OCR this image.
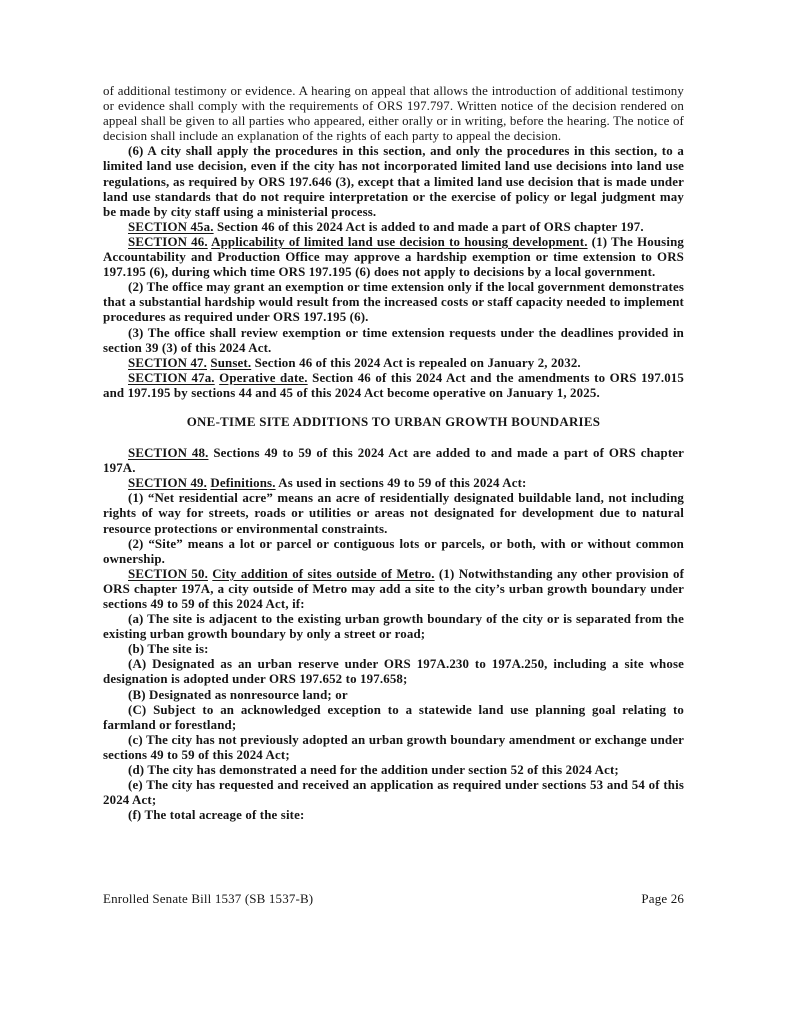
of additional testimony or evidence. A hearing on appeal that allows the introduction of additional testimony or evidence shall comply with the requirements of ORS 197.797. Written notice of the decision rendered on appeal shall be given to all parties who appeared, either orally or in writing, before the hearing. The notice of decision shall include an explanation of the rights of each party to appeal the decision.

(6) A city shall apply the procedures in this section, and only the procedures in this section, to a limited land use decision, even if the city has not incorporated limited land use decisions into land use regulations, as required by ORS 197.646 (3), except that a limited land use decision that is made under land use standards that do not require interpretation or the exercise of policy or legal judgment may be made by city staff using a ministerial process.

SECTION 45a. Section 46 of this 2024 Act is added to and made a part of ORS chapter 197.

SECTION 46. Applicability of limited land use decision to housing development. (1) The Housing Accountability and Production Office may approve a hardship exemption or time extension to ORS 197.195 (6), during which time ORS 197.195 (6) does not apply to decisions by a local government.

(2) The office may grant an exemption or time extension only if the local government demonstrates that a substantial hardship would result from the increased costs or staff capacity needed to implement procedures as required under ORS 197.195 (6).

(3) The office shall review exemption or time extension requests under the deadlines provided in section 39 (3) of this 2024 Act.

SECTION 47. Sunset. Section 46 of this 2024 Act is repealed on January 2, 2032.

SECTION 47a. Operative date. Section 46 of this 2024 Act and the amendments to ORS 197.015 and 197.195 by sections 44 and 45 of this 2024 Act become operative on January 1, 2025.

ONE-TIME SITE ADDITIONS TO URBAN GROWTH BOUNDARIES

SECTION 48. Sections 49 to 59 of this 2024 Act are added to and made a part of ORS chapter 197A.

SECTION 49. Definitions. As used in sections 49 to 59 of this 2024 Act:

(1) “Net residential acre” means an acre of residentially designated buildable land, not including rights of way for streets, roads or utilities or areas not designated for development due to natural resource protections or environmental constraints.

(2) “Site” means a lot or parcel or contiguous lots or parcels, or both, with or without common ownership.

SECTION 50. City addition of sites outside of Metro. (1) Notwithstanding any other provision of ORS chapter 197A, a city outside of Metro may add a site to the city’s urban growth boundary under sections 49 to 59 of this 2024 Act, if:

(a) The site is adjacent to the existing urban growth boundary of the city or is separated from the existing urban growth boundary by only a street or road;

(b) The site is:

(A) Designated as an urban reserve under ORS 197A.230 to 197A.250, including a site whose designation is adopted under ORS 197.652 to 197.658;

(B) Designated as nonresource land; or

(C) Subject to an acknowledged exception to a statewide land use planning goal relating to farmland or forestland;

(c) The city has not previously adopted an urban growth boundary amendment or exchange under sections 49 to 59 of this 2024 Act;

(d) The city has demonstrated a need for the addition under section 52 of this 2024 Act;

(e) The city has requested and received an application as required under sections 53 and 54 of this 2024 Act;

(f) The total acreage of the site:

Enrolled Senate Bill 1537 (SB 1537-B)	Page 26
